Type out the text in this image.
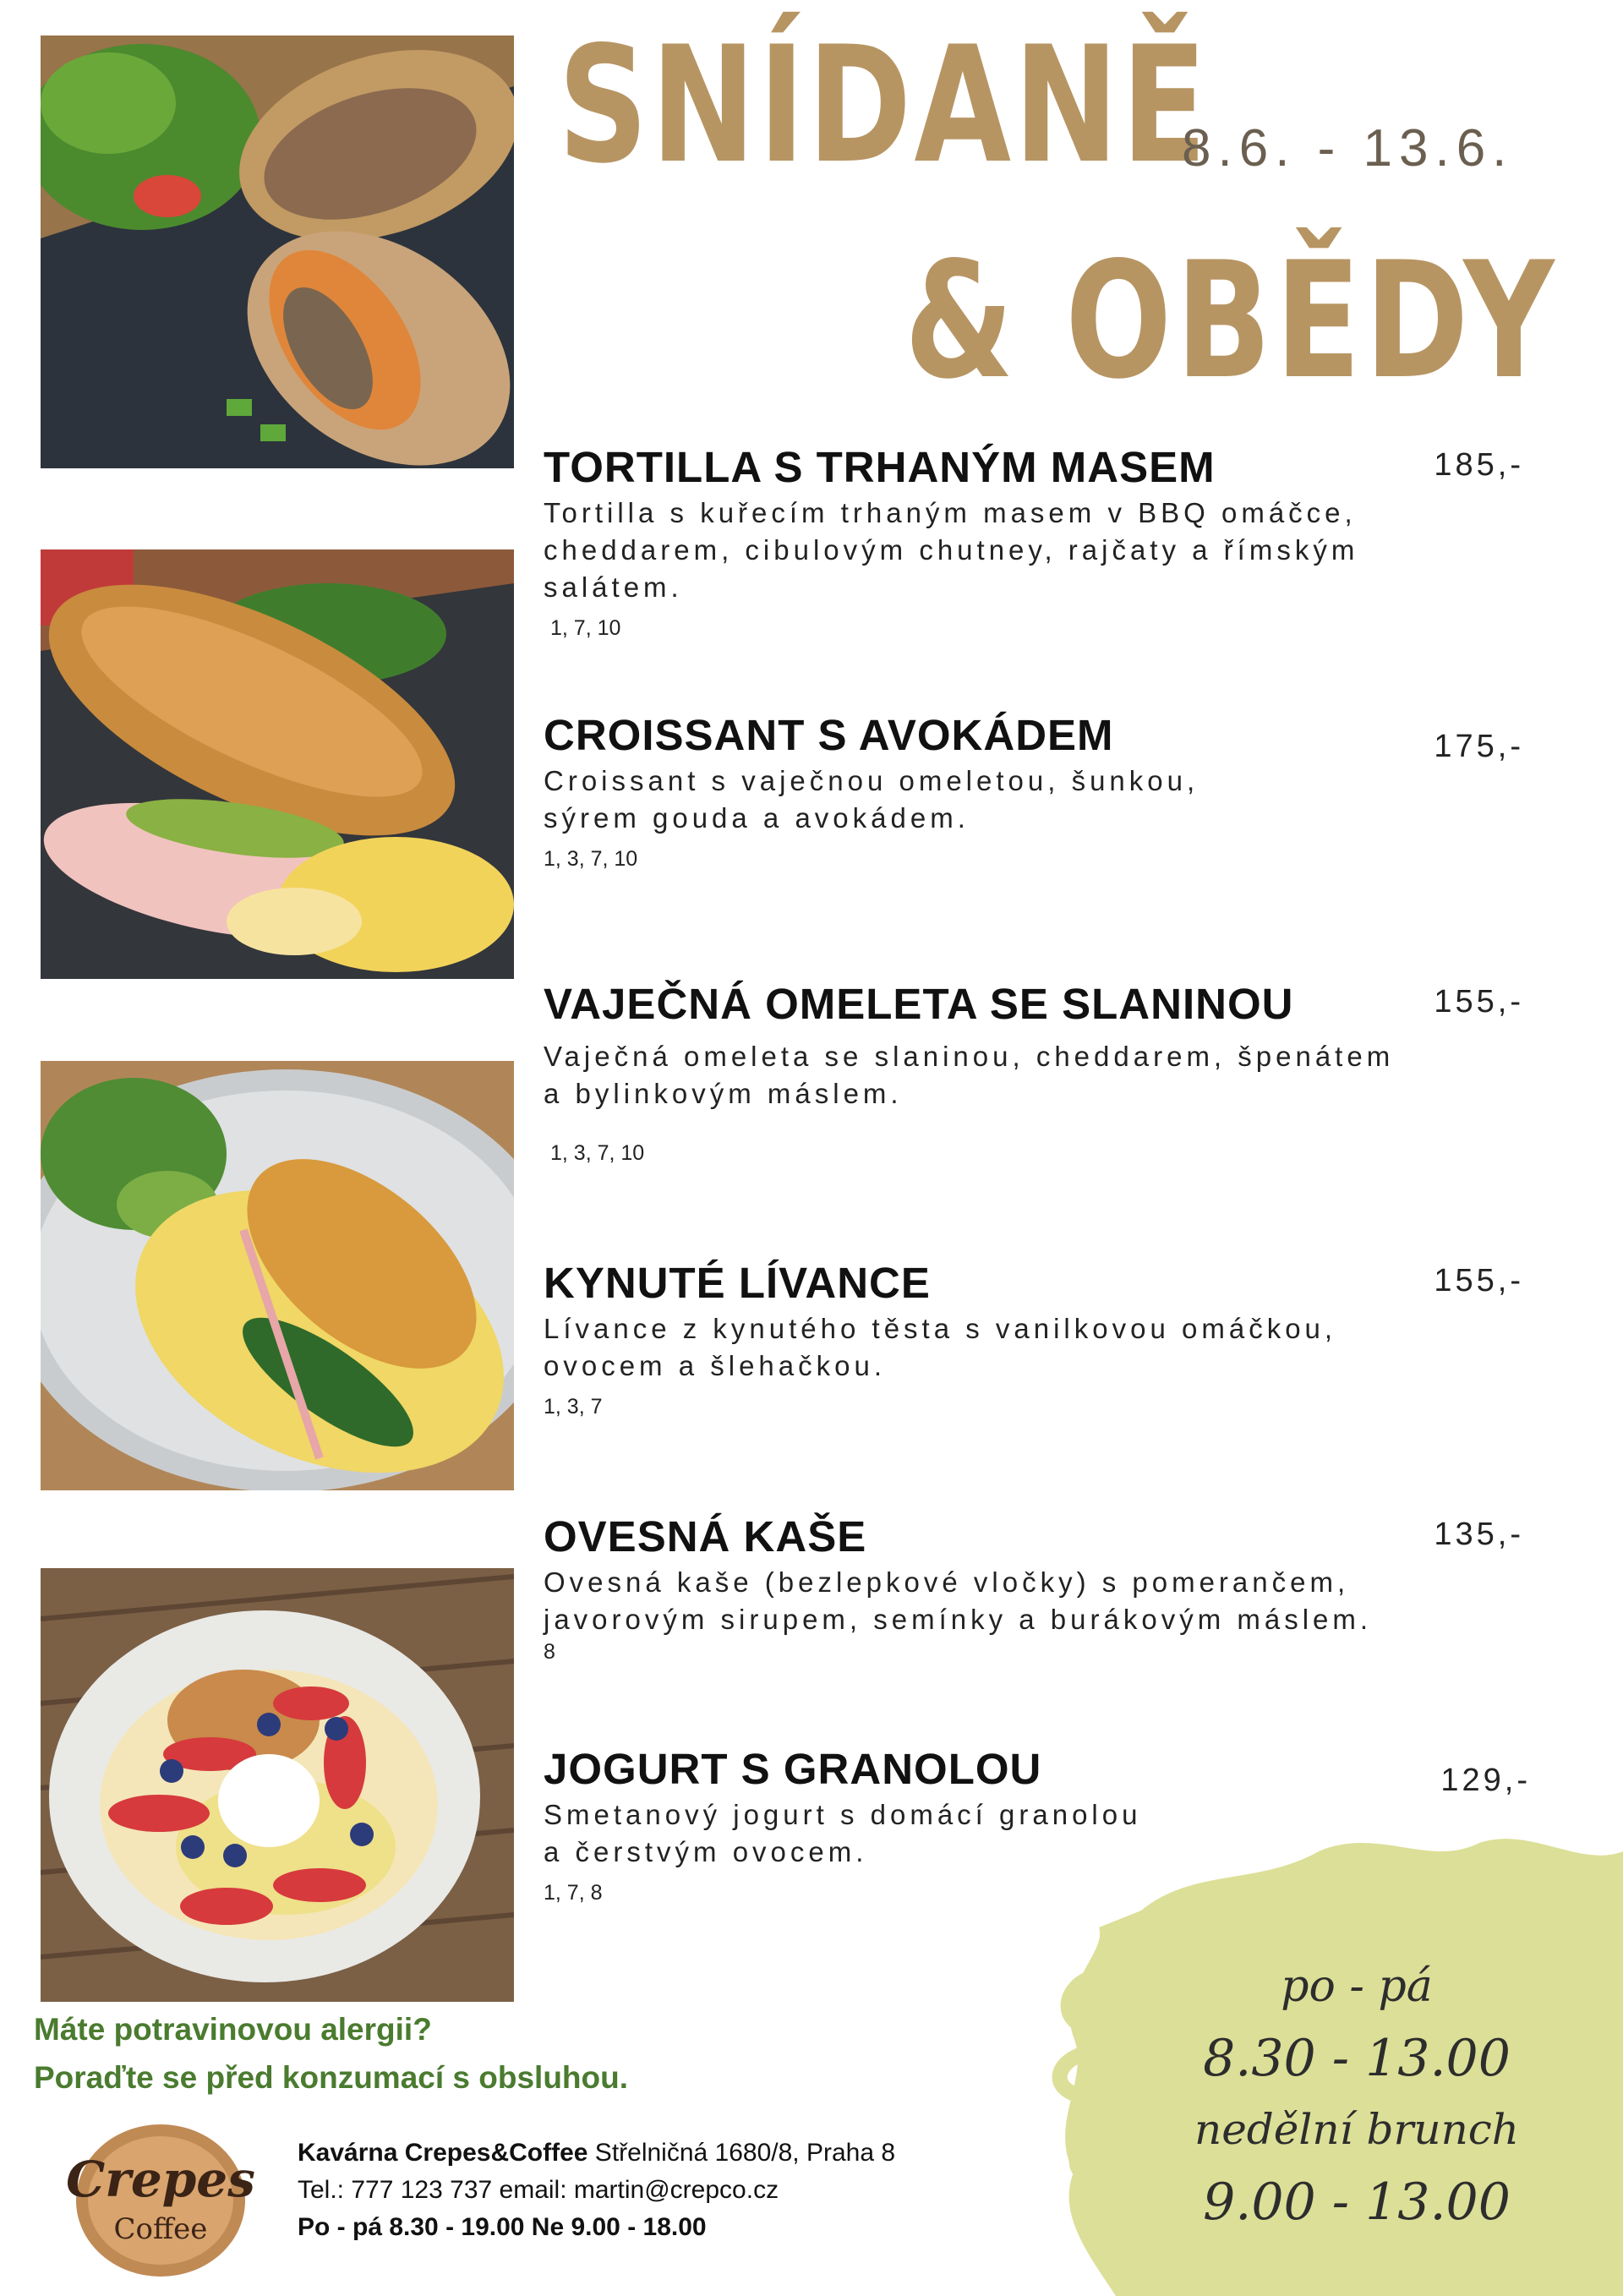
SNÍDANĚ
& OBĚDY
8.6. - 13.6.
TORTILLA S TRHANÝM MASEM	185,-
Tortilla s kuřecím trhaným masem v BBQ omáčce,
cheddarem, cibulovým chutney, rajčaty a římským
salátem.
1, 7, 10
CROISSANT S AVOKÁDEM	175,-
Croissant s vaječnou omeletou, šunkou,
sýrem gouda a avokádem.
1, 3, 7, 10
VAJEČNÁ OMELETA SE SLANINOU	155,-
Vaječná omeleta se slaninou, cheddarem, špenátem
a bylinkovým máslem.
1, 3, 7, 10
KYNUTÉ LÍVANCE	155,-
Lívance z kynutého těsta s vanilkovou omáčkou,
ovocem a šlehačkou.
1, 3, 7
OVESNÁ KAŠE	135,-
Ovesná kaše (bezlepkové vločky) s pomerančem,
javorovým sirupem, semínky a burákovým máslem.
8
JOGURT S GRANOLOU	129,-
Smetanový jogurt s domácí granolou
a čerstvým ovocem.
1, 7, 8
po - pá
8.30 - 13.00
nedělní brunch
9.00 - 13.00
Máte potravinovou alergii?
Poraďte se před konzumací s obsluhou.
Crepes
Coffee
Kavárna Crepes&Coffee Střelničná 1680/8, Praha 8
Tel.: 777 123 737 email: martin@crepco.cz
Po - pá 8.30 - 19.00 Ne 9.00 - 18.00
